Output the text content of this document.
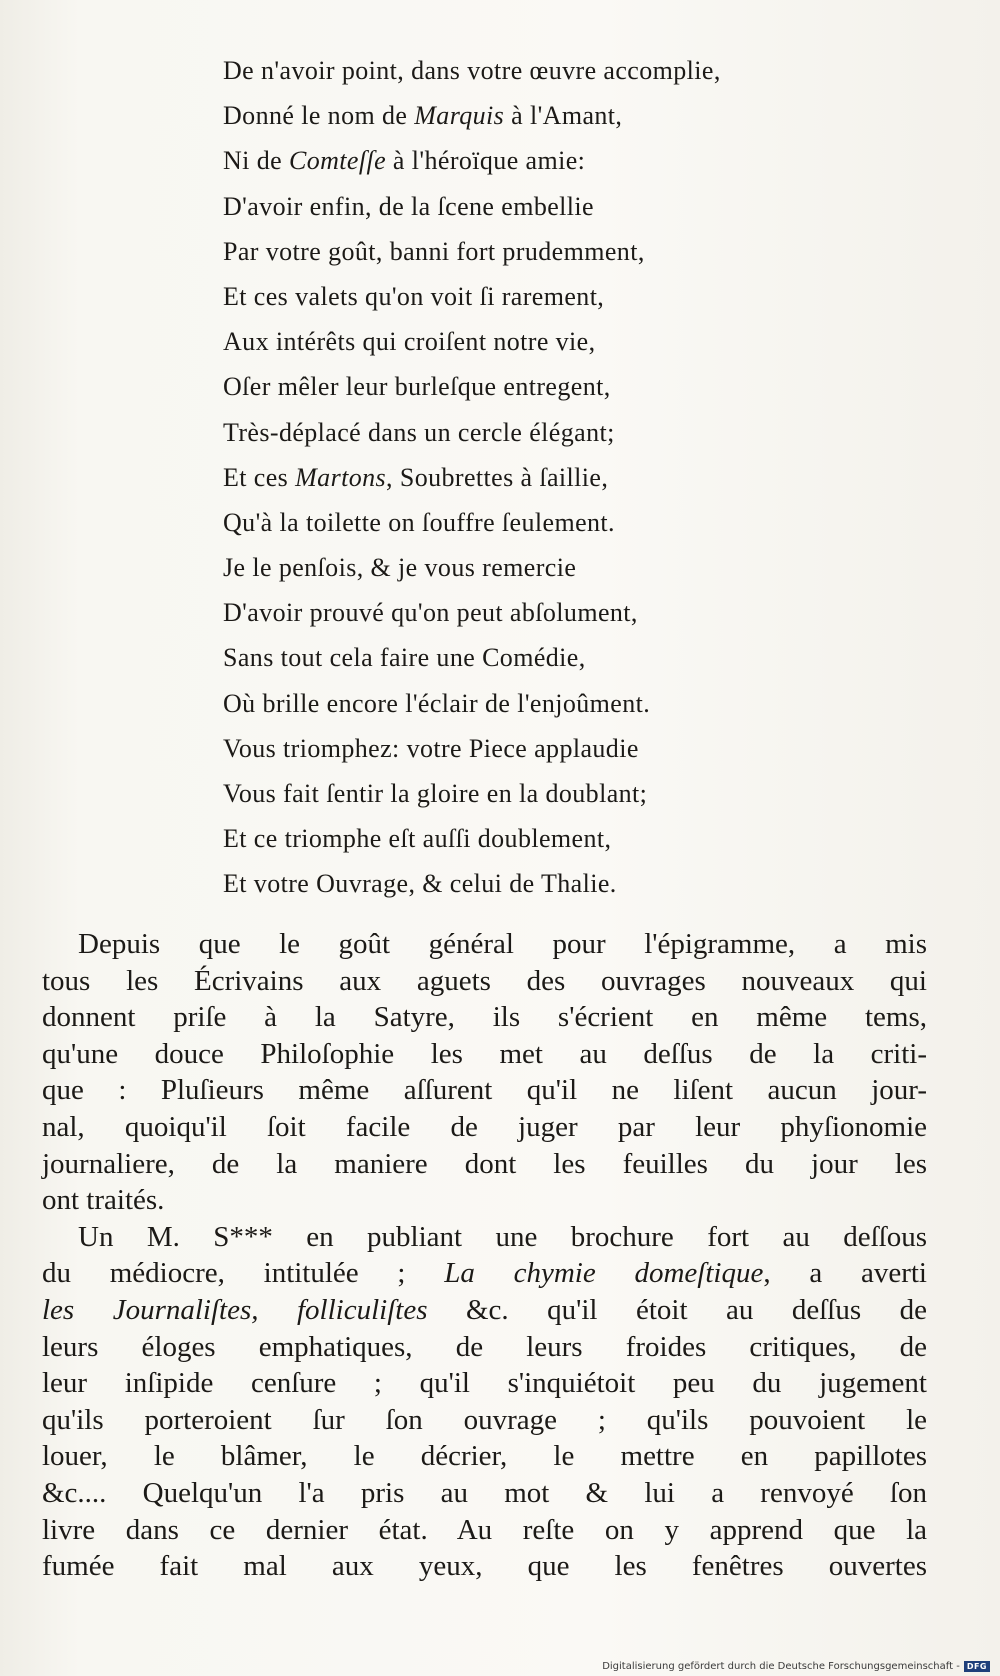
De n'avoir point, dans votre œuvre accomplie,
Donné le nom de Marquis à l'Amant,
Ni de Comteſſe à l'héroïque amie:
D'avoir enfin, de la ſcene embellie
Par votre goût, banni fort prudemment,
Et ces valets qu'on voit ſi rarement,
Aux intérêts qui croiſent notre vie,
Oſer mêler leur burleſque entregent,
Très-déplacé dans un cercle élégant;
Et ces Martons, Soubrettes à ſaillie,
Qu'à la toilette on ſouffre ſeulement.
Je le penſois, & je vous remercie
D'avoir prouvé qu'on peut abſolument,
Sans tout cela faire une Comédie,
Où brille encore l'éclair de l'enjoûment.
Vous triomphez: votre Piece applaudie
Vous fait ſentir la gloire en la doublant;
Et ce triomphe eſt auſſi doublement,
Et votre Ouvrage, & celui de Thalie.

Depuis que le goût général pour l'épigramme, a mis
tous les Écrivains aux aguets des ouvrages nouveaux qui
donnent priſe à la Satyre, ils s'écrient en même tems,
qu'une douce Philoſophie les met au deſſus de la criti-
que : Pluſieurs même aſſurent qu'il ne liſent aucun jour-
nal, quoiqu'il ſoit facile de juger par leur phyſionomie
journaliere, de la maniere dont les feuilles du jour les
ont traités.

Un M. S*** en publiant une brochure fort au deſſous
du médiocre, intitulée ; La chymie domeſtique, a averti
les Journaliſtes, folliculiſtes &c. qu'il étoit au deſſus de
leurs éloges emphatiques, de leurs froides critiques, de
leur inſipide cenſure ; qu'il s'inquiétoit peu du jugement
qu'ils porteroient ſur ſon ouvrage ; qu'ils pouvoient le
louer, le blâmer, le décrier, le mettre en papillotes
&c.... Quelqu'un l'a pris au mot & lui a renvoyé ſon
livre dans ce dernier état. Au reſte on y apprend que la
fumée fait mal aux yeux, que les fenêtres ouvertes

Digitalisierung gefördert durch die Deutsche Forschungsgemeinschaft - DFG
